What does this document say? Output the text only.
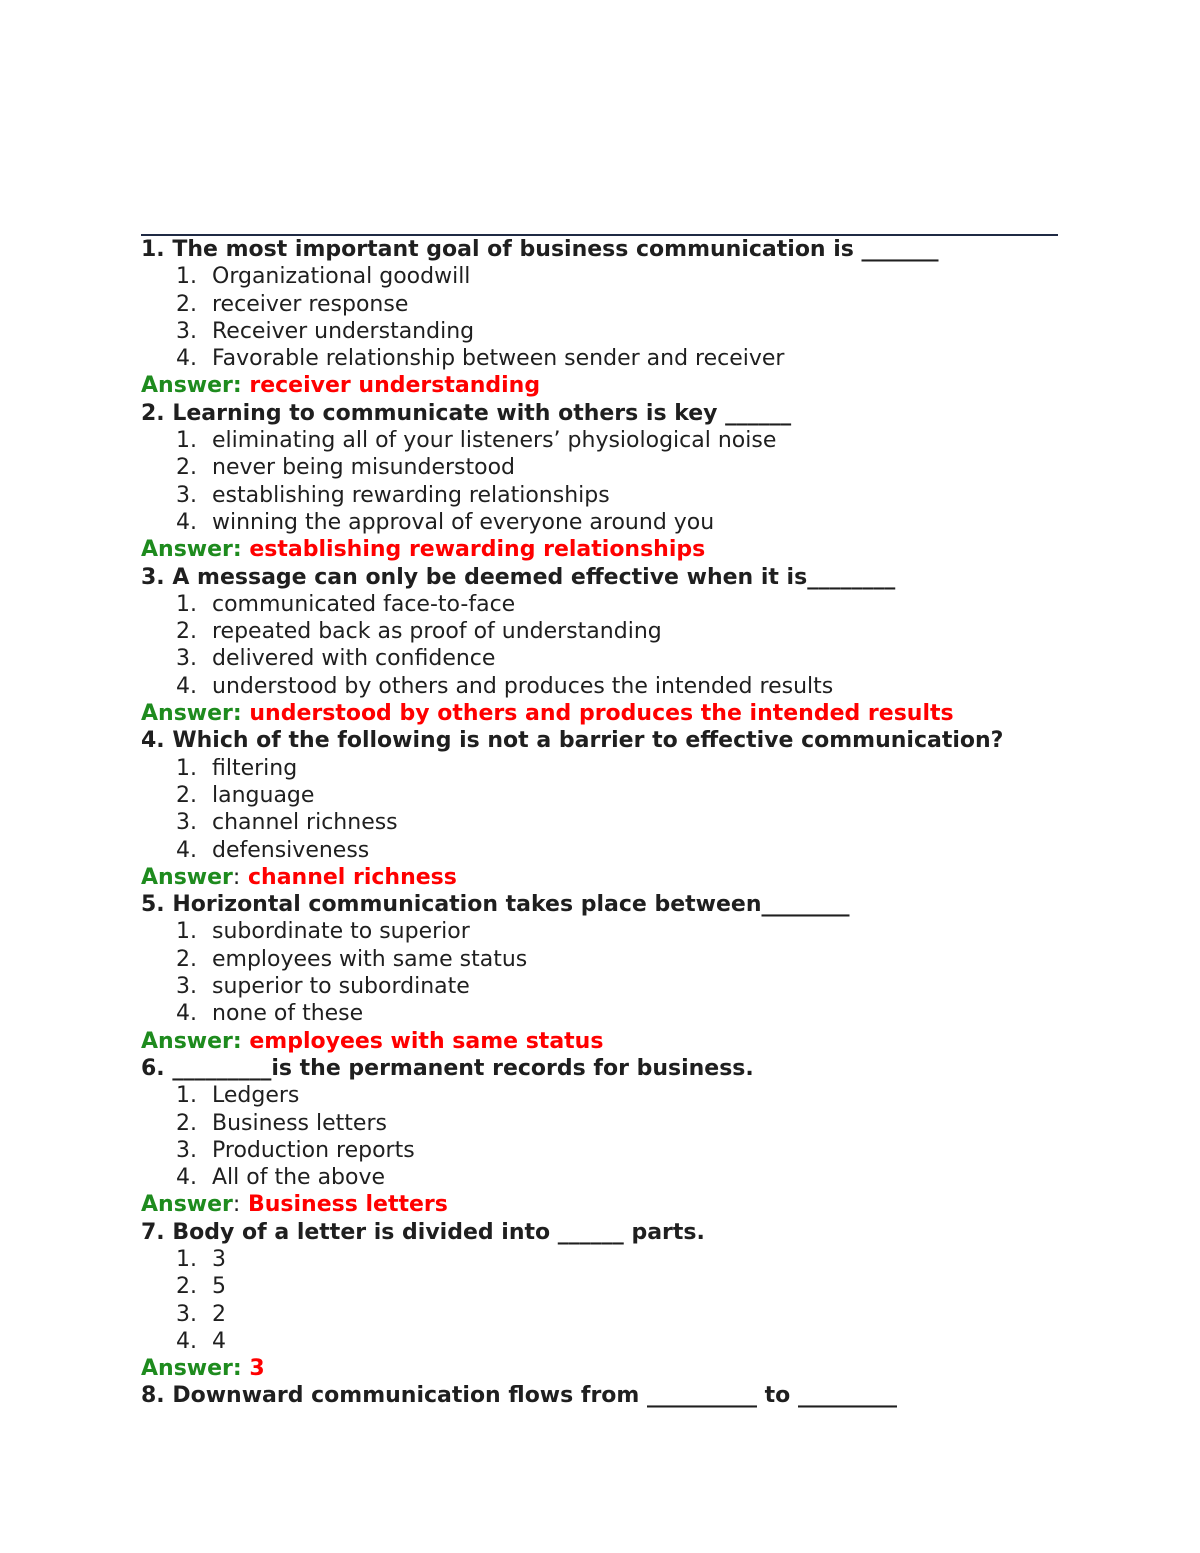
1. The most important goal of business communication is _______
1. Organizational goodwill
2. receiver response
3. Receiver understanding
4. Favorable relationship between sender and receiver
Answer: receiver understanding
2. Learning to communicate with others is key ______
1. eliminating all of your listeners’ physiological noise
2. never being misunderstood
3. establishing rewarding relationships
4. winning the approval of everyone around you
Answer: establishing rewarding relationships
3. A message can only be deemed effective when it is________
1. communicated face-to-face
2. repeated back as proof of understanding
3. delivered with confidence
4. understood by others and produces the intended results
Answer: understood by others and produces the intended results
4. Which of the following is not a barrier to effective communication?
1. filtering
2. language
3. channel richness
4. defensiveness
Answer: channel richness
5. Horizontal communication takes place between________
1. subordinate to superior
2. employees with same status
3. superior to subordinate
4. none of these
Answer: employees with same status
6. _________is the permanent records for business.
1. Ledgers
2. Business letters
3. Production reports
4. All of the above
Answer: Business letters
7. Body of a letter is divided into ______ parts.
1. 3
2. 5
3. 2
4. 4
Answer: 3
8. Downward communication flows from __________ to _________
